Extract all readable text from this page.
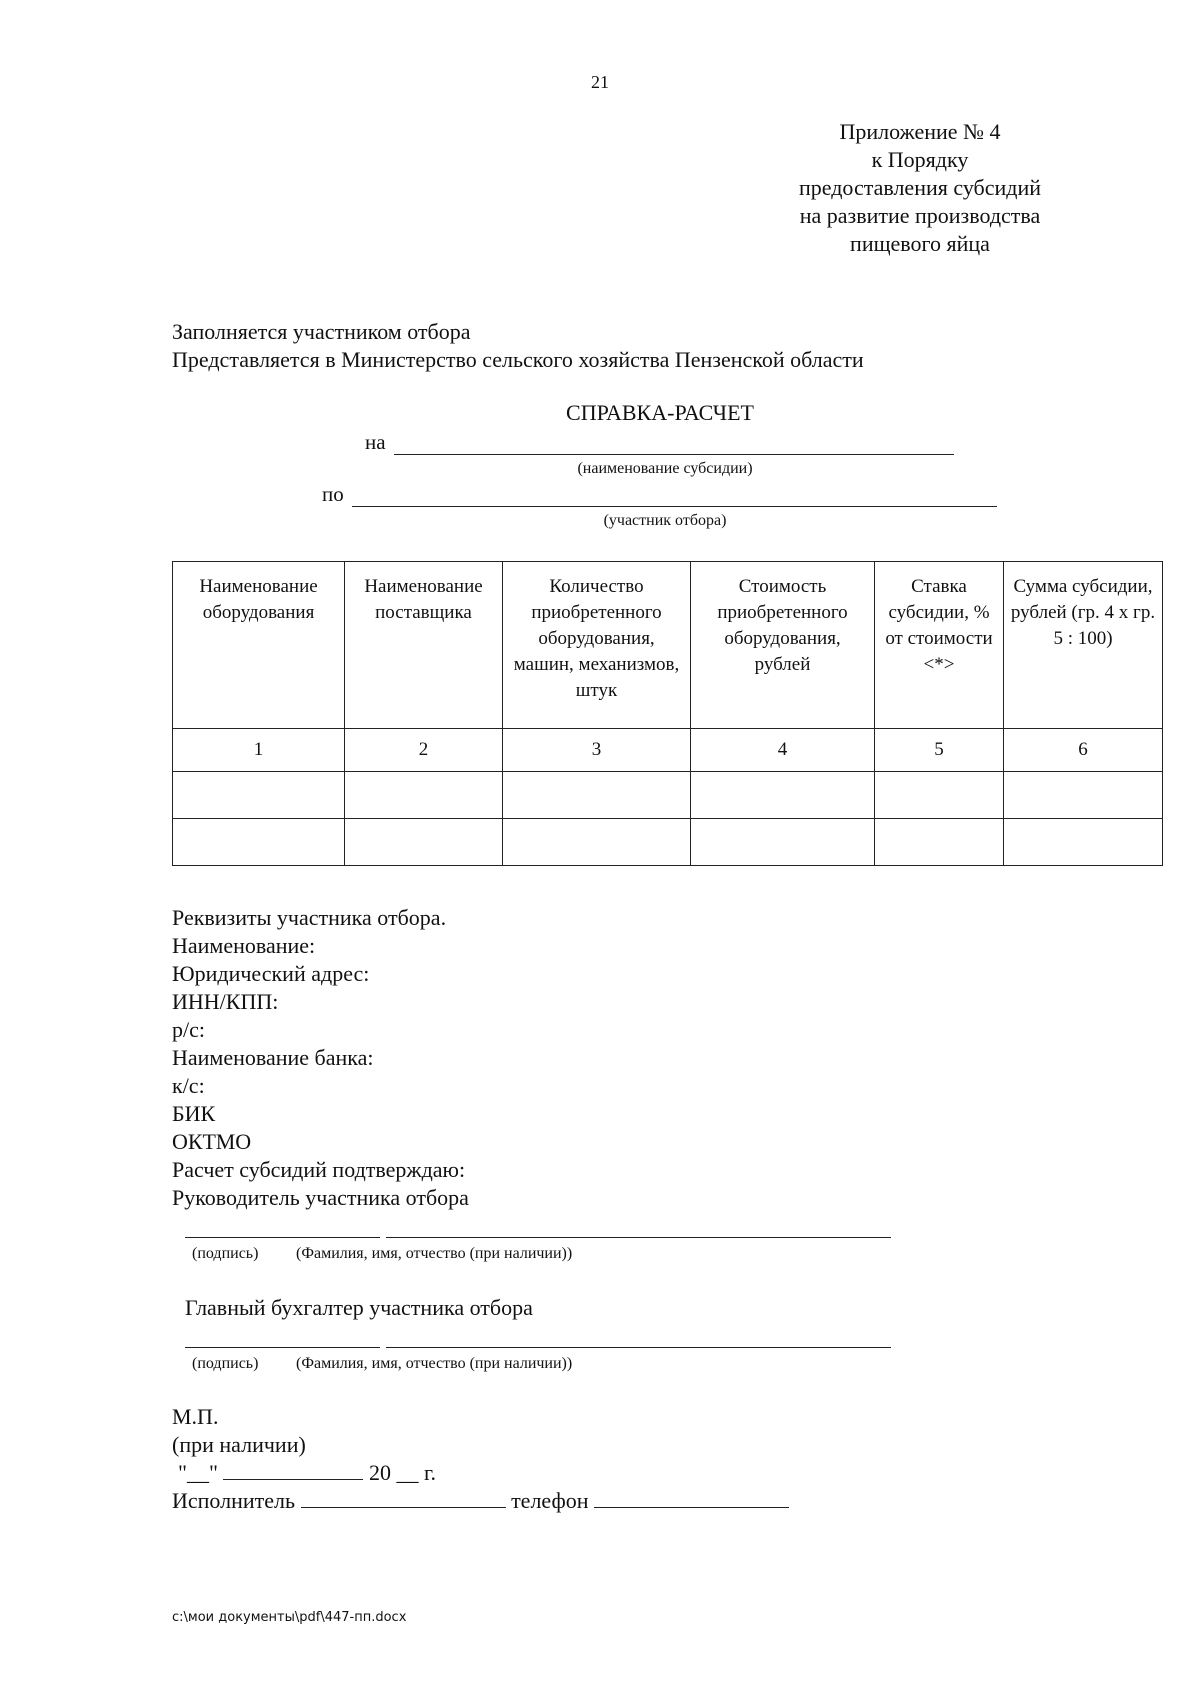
21
Приложение № 4
к Порядку
предоставления субсидий
на развитие производства
пищевого яйца
Заполняется участником отбора
Представляется в Министерство сельского хозяйства Пензенской области
СПРАВКА-РАСЧЕТ
на
(наименование субсидии)
по
(участник отбора)
Наименование оборудования	Наименование поставщика	Количество приобретенного оборудования, машин, механизмов, штук	Стоимость приобретенного оборудования, рублей	Ставка субсидии, % от стоимости <*>	Сумма субсидии, рублей (гр. 4 x гр. 5 : 100)
1	2	3	4	5	6

Реквизиты участника отбора.
Наименование:
Юридический адрес:
ИНН/КПП:
р/с:
Наименование банка:
к/с:
БИК
ОКТМО
Расчет субсидий подтверждаю:
Руководитель участника отбора
(подпись) (Фамилия, имя, отчество (при наличии))
Главный бухгалтер участника отбора
(подпись) (Фамилия, имя, отчество (при наличии))
М.П.
(при наличии)
"__"	20 __ г.
Исполнитель	телефон
c:\мои документы\pdf\447-пп.docx
